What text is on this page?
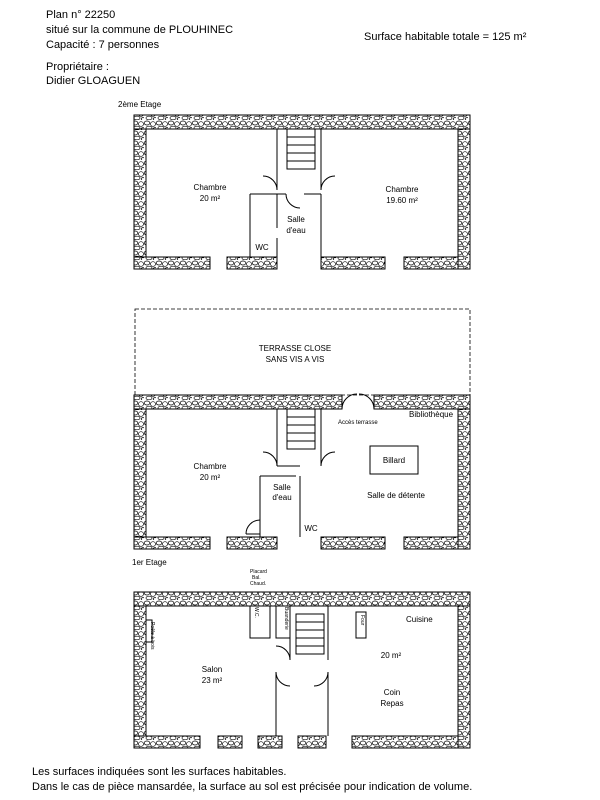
Plan n° 22250
situé sur la commune de PLOUHINEC
Capacité : 7 personnes
Propriétaire :
Didier GLOAGUEN
Surface habitable totale = 125 m²
2ème Etage
Chambre
20 m²
Chambre
19.60 m²
Salle
d'eau
WC
TERRASSE CLOSE
SANS VIS A VIS
Accès terrasse
Bibliothèque
Billard
Salle de détente
Chambre
20 m²
Salle
d'eau
WC
1er Etage
Placard
Bal.
Chaud.
W.C.	Buanderie
Poêle à bois
Four	Cuisine
20 m²
Salon
23 m²
Coin
Repas
Les surfaces indiquées sont les surfaces habitables.
Dans le cas de pièce mansardée, la surface au sol est précisée pour indication de volume.
